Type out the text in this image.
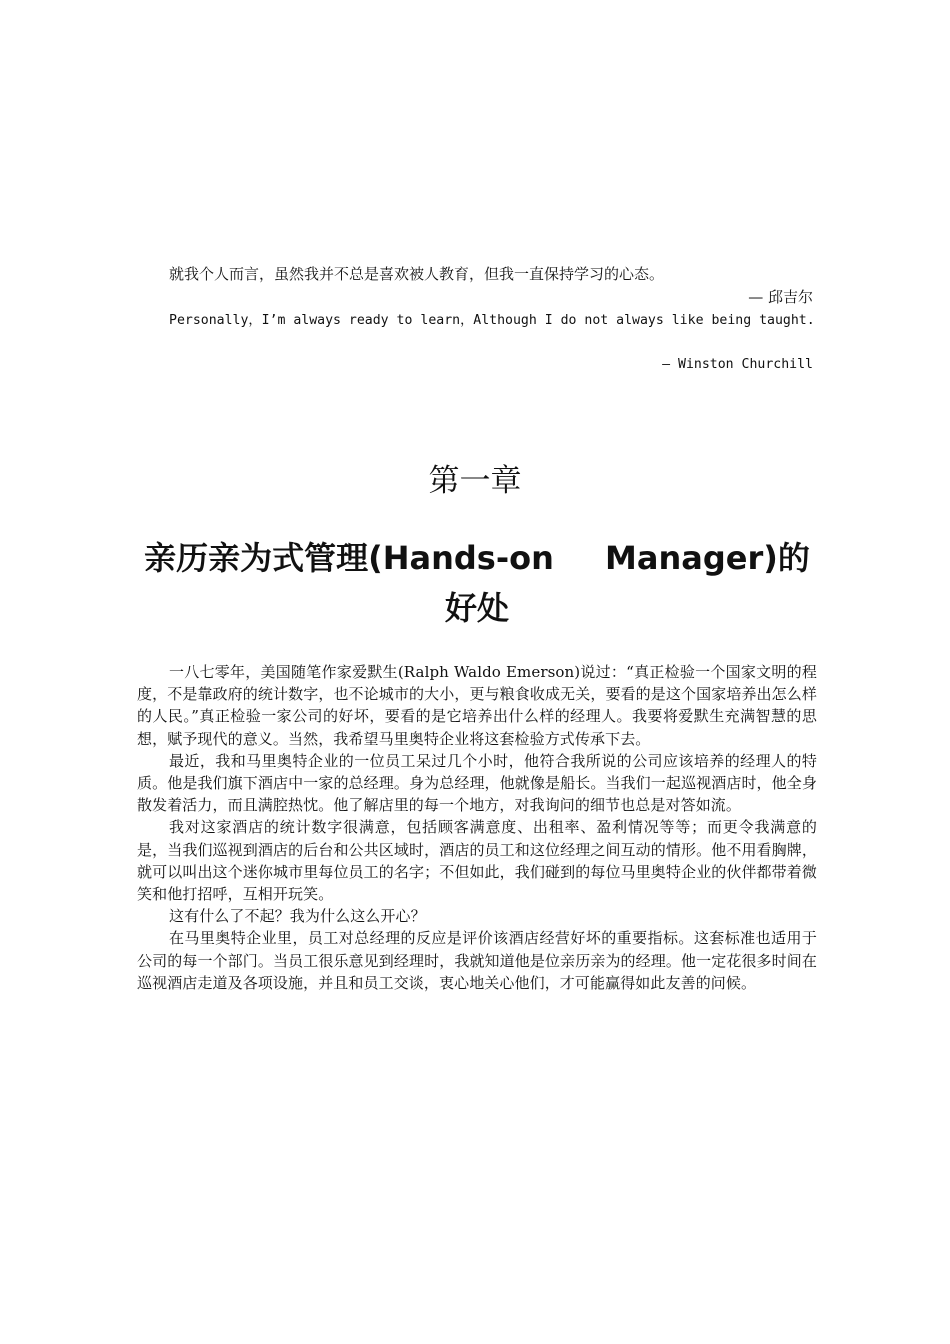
就我个人而言，虽然我并不总是喜欢被人教育，但我一直保持学习的心态。
— 邱吉尔
Personally，I’m always ready to learn，Although I do not always like being taught.
— Winston Churchill
第一章
亲历亲为式管理(Hands-on Manager)的好处

一八七零年，美国随笔作家爱默生(Ralph Waldo Emerson)说过：“真正检验一个国家文明的程度，不是靠政府的统计数字，也不论城市的大小，更与粮食收成无关，要看的是这个国家培养出怎么样的人民。”真正检验一家公司的好坏，要看的是它培养出什么样的经理人。我要将爱默生充满智慧的思想，赋予现代的意义。当然，我希望马里奥特企业将这套检验方式传承下去。

最近，我和马里奥特企业的一位员工呆过几个小时，他符合我所说的公司应该培养的经理人的特质。他是我们旗下酒店中一家的总经理。身为总经理，他就像是船长。当我们一起巡视酒店时，他全身散发着活力，而且满腔热忱。他了解店里的每一个地方，对我询问的细节也总是对答如流。

我对这家酒店的统计数字很满意，包括顾客满意度、出租率、盈利情况等等；而更令我满意的是，当我们巡视到酒店的后台和公共区域时，酒店的员工和这位经理之间互动的情形。他不用看胸牌，就可以叫出这个迷你城市里每位员工的名字；不但如此，我们碰到的每位马里奥特企业的伙伴都带着微笑和他打招呼，互相开玩笑。

这有什么了不起？我为什么这么开心？

在马里奥特企业里，员工对总经理的反应是评价该酒店经营好坏的重要指标。这套标准也适用于公司的每一个部门。当员工很乐意见到经理时，我就知道他是位亲历亲为的经理。他一定花很多时间在巡视酒店走道及各项设施，并且和员工交谈，衷心地关心他们，才可能赢得如此友善的问候。
